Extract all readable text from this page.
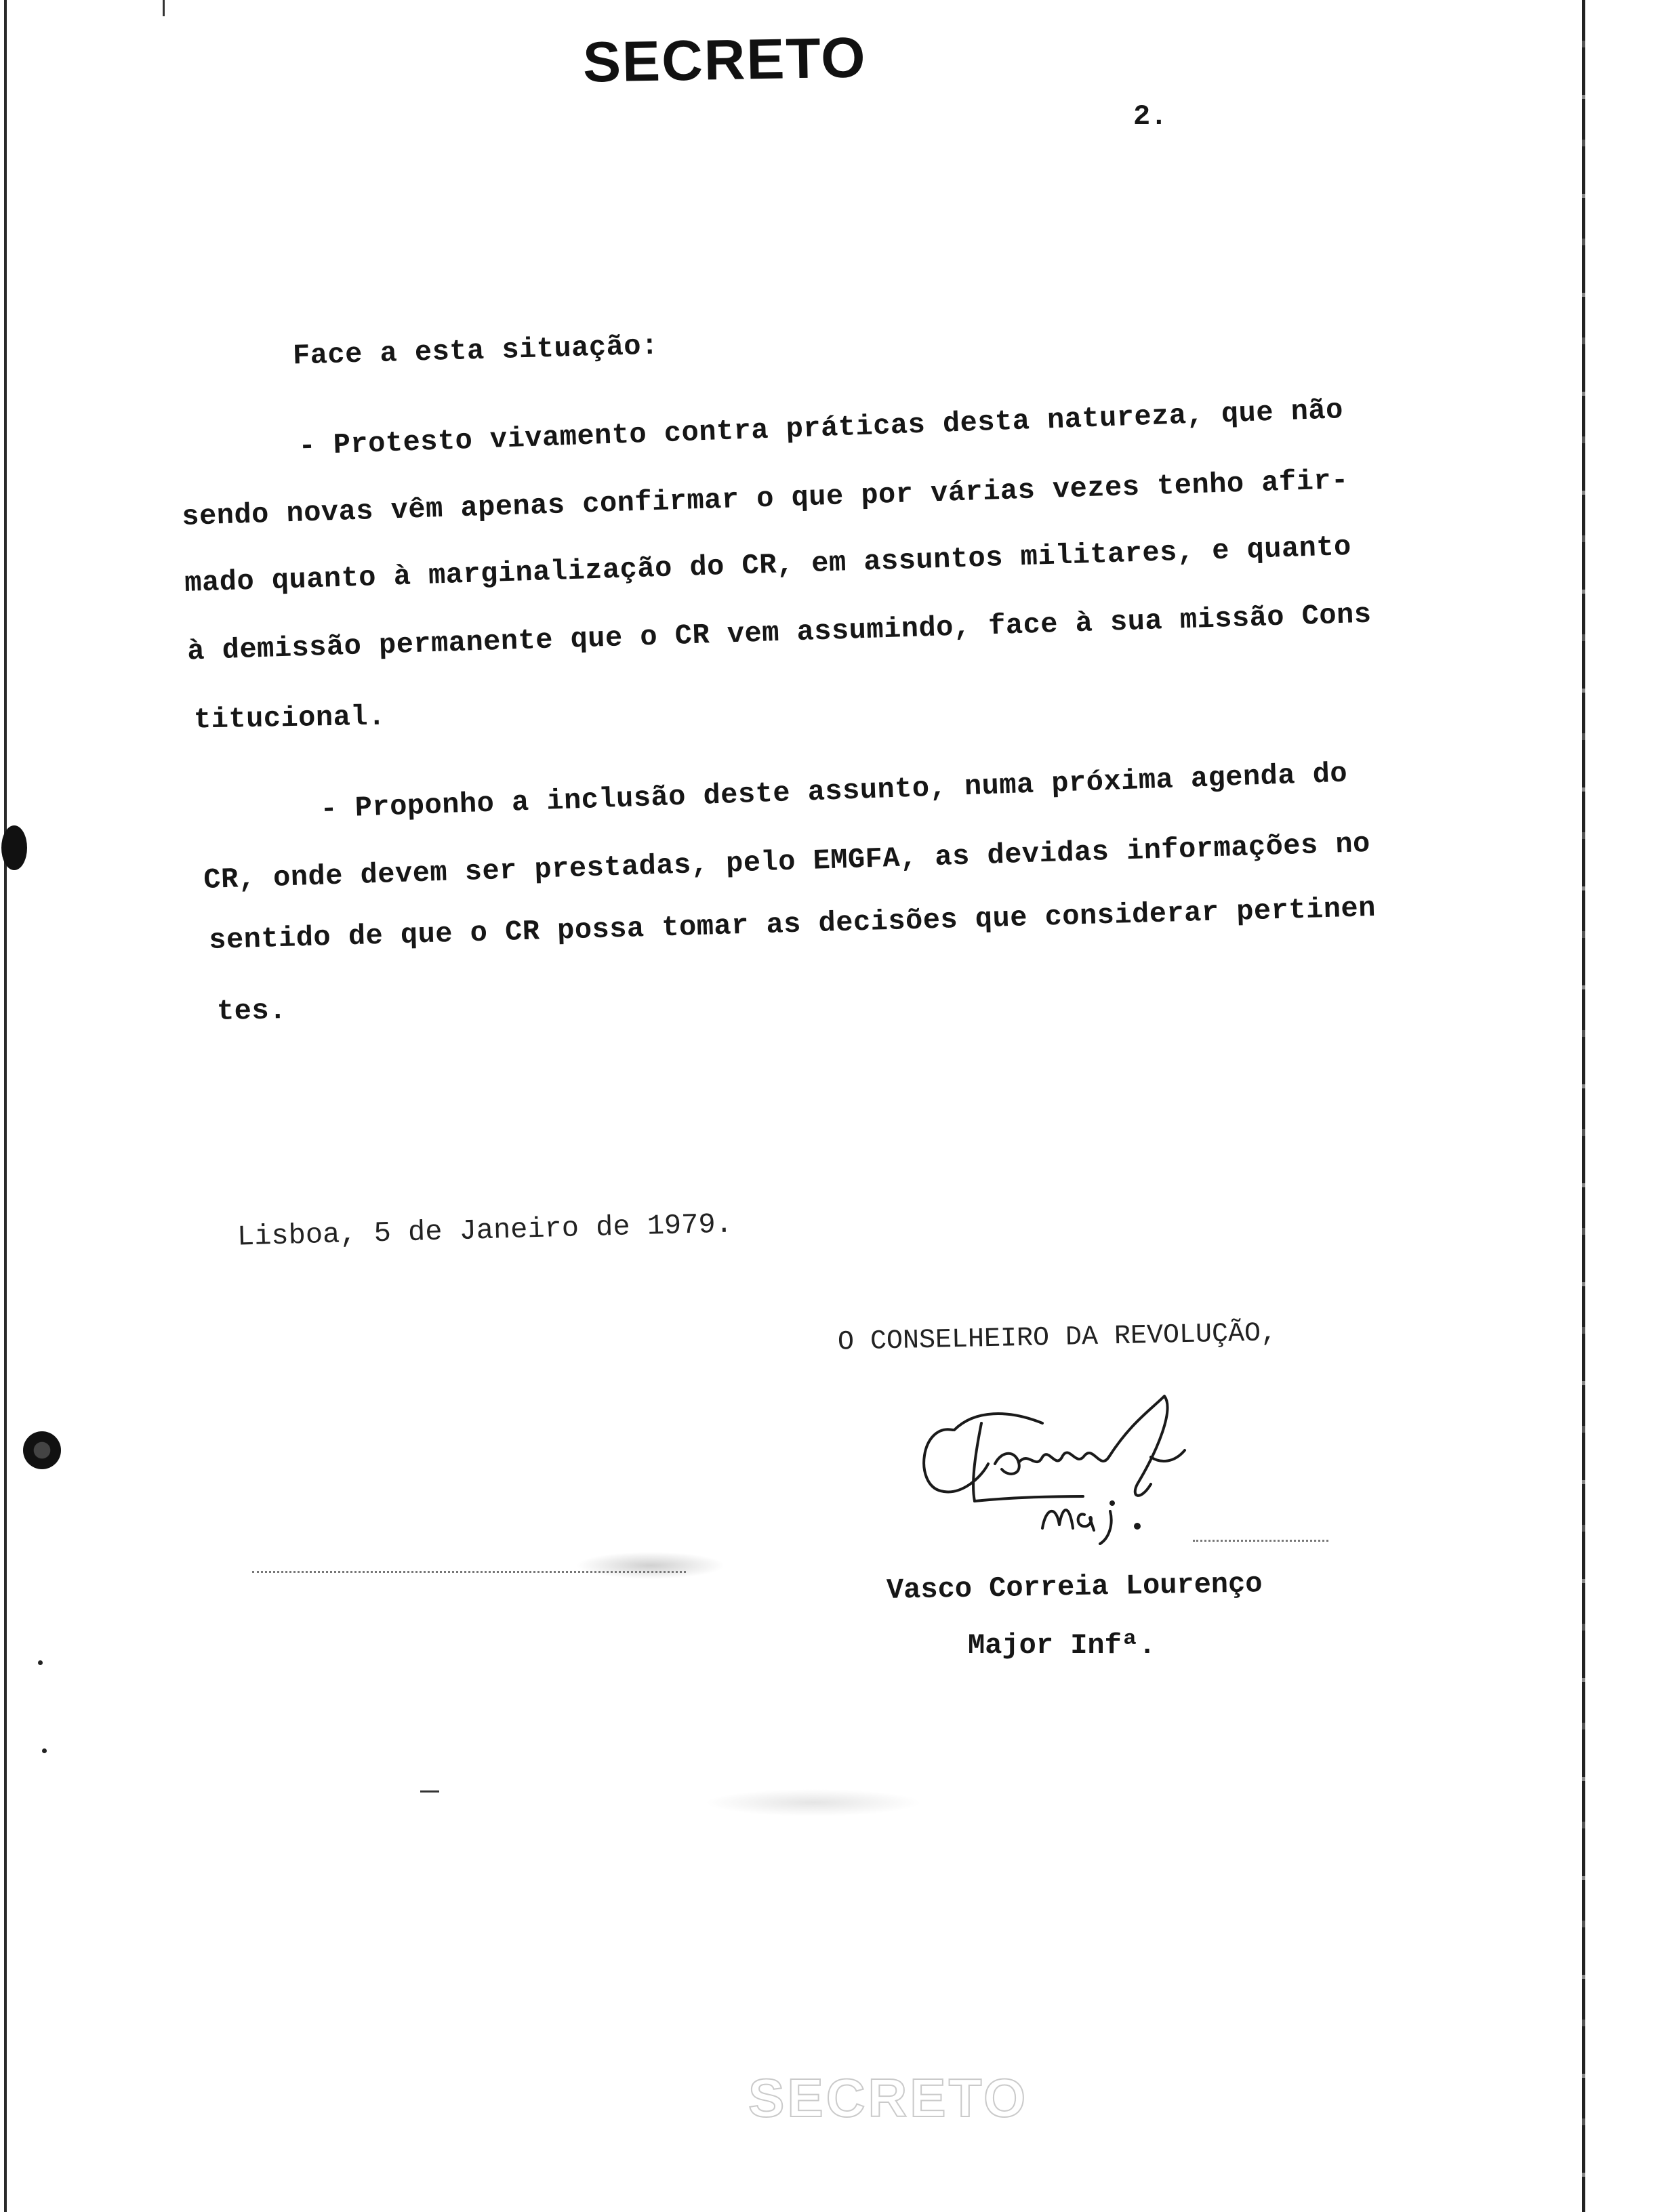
SECRETO
2.
Face a esta situação:
- Protesto vivamento contra práticas desta natureza, que não
sendo novas vêm apenas confirmar o que por várias vezes tenho afir-
mado quanto à marginalização do CR, em assuntos militares, e quanto
à demissão permanente que o CR vem assumindo, face à sua missão Cons
titucional.
- Proponho a inclusão deste assunto, numa próxima agenda do
CR, onde devem ser prestadas, pelo EMGFA, as devidas informações no
sentido de que o CR possa tomar as decisões que considerar pertinen
tes.
Lisboa, 5 de Janeiro de 1979.
O CONSELHEIRO DA REVOLUÇÃO,
Vasco Correia Lourenço
Major Infª.
SECRETO
